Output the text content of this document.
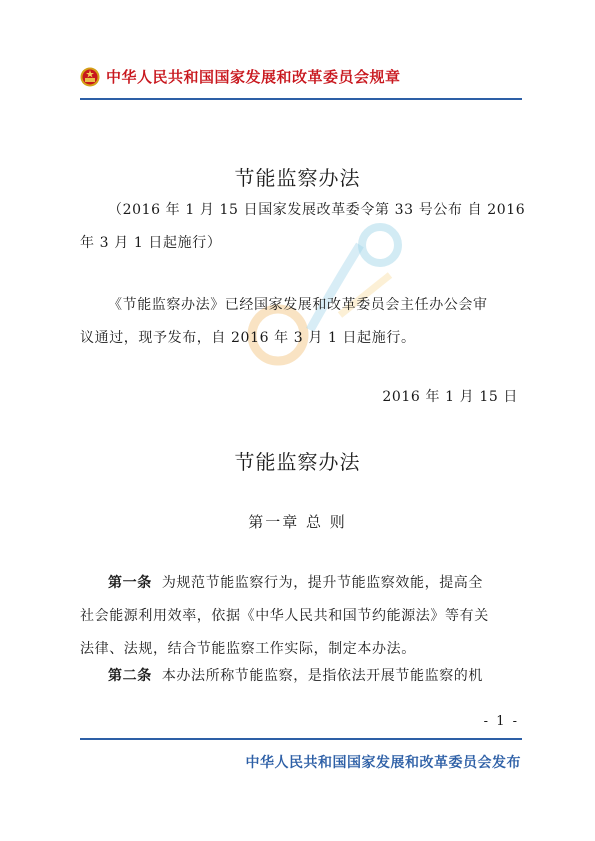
中华人民共和国国家发展和改革委员会规章
节能监察办法
（2016 年 1 月 15 日国家发展改革委令第 33 号公布 自 2016
年 3 月 1 日起施行）
《节能监察办法》已经国家发展和改革委员会主任办公会审
议通过，现予发布，自 2016 年 3 月 1 日起施行。
2016 年 1 月 15 日
节能监察办法
第一章 总 则
第一条 为规范节能监察行为，提升节能监察效能，提高全
社会能源利用效率，依据《中华人民共和国节约能源法》等有关
法律、法规，结合节能监察工作实际，制定本办法。
第二条 本办法所称节能监察，是指依法开展节能监察的机
- 1 -
中华人民共和国国家发展和改革委员会发布
